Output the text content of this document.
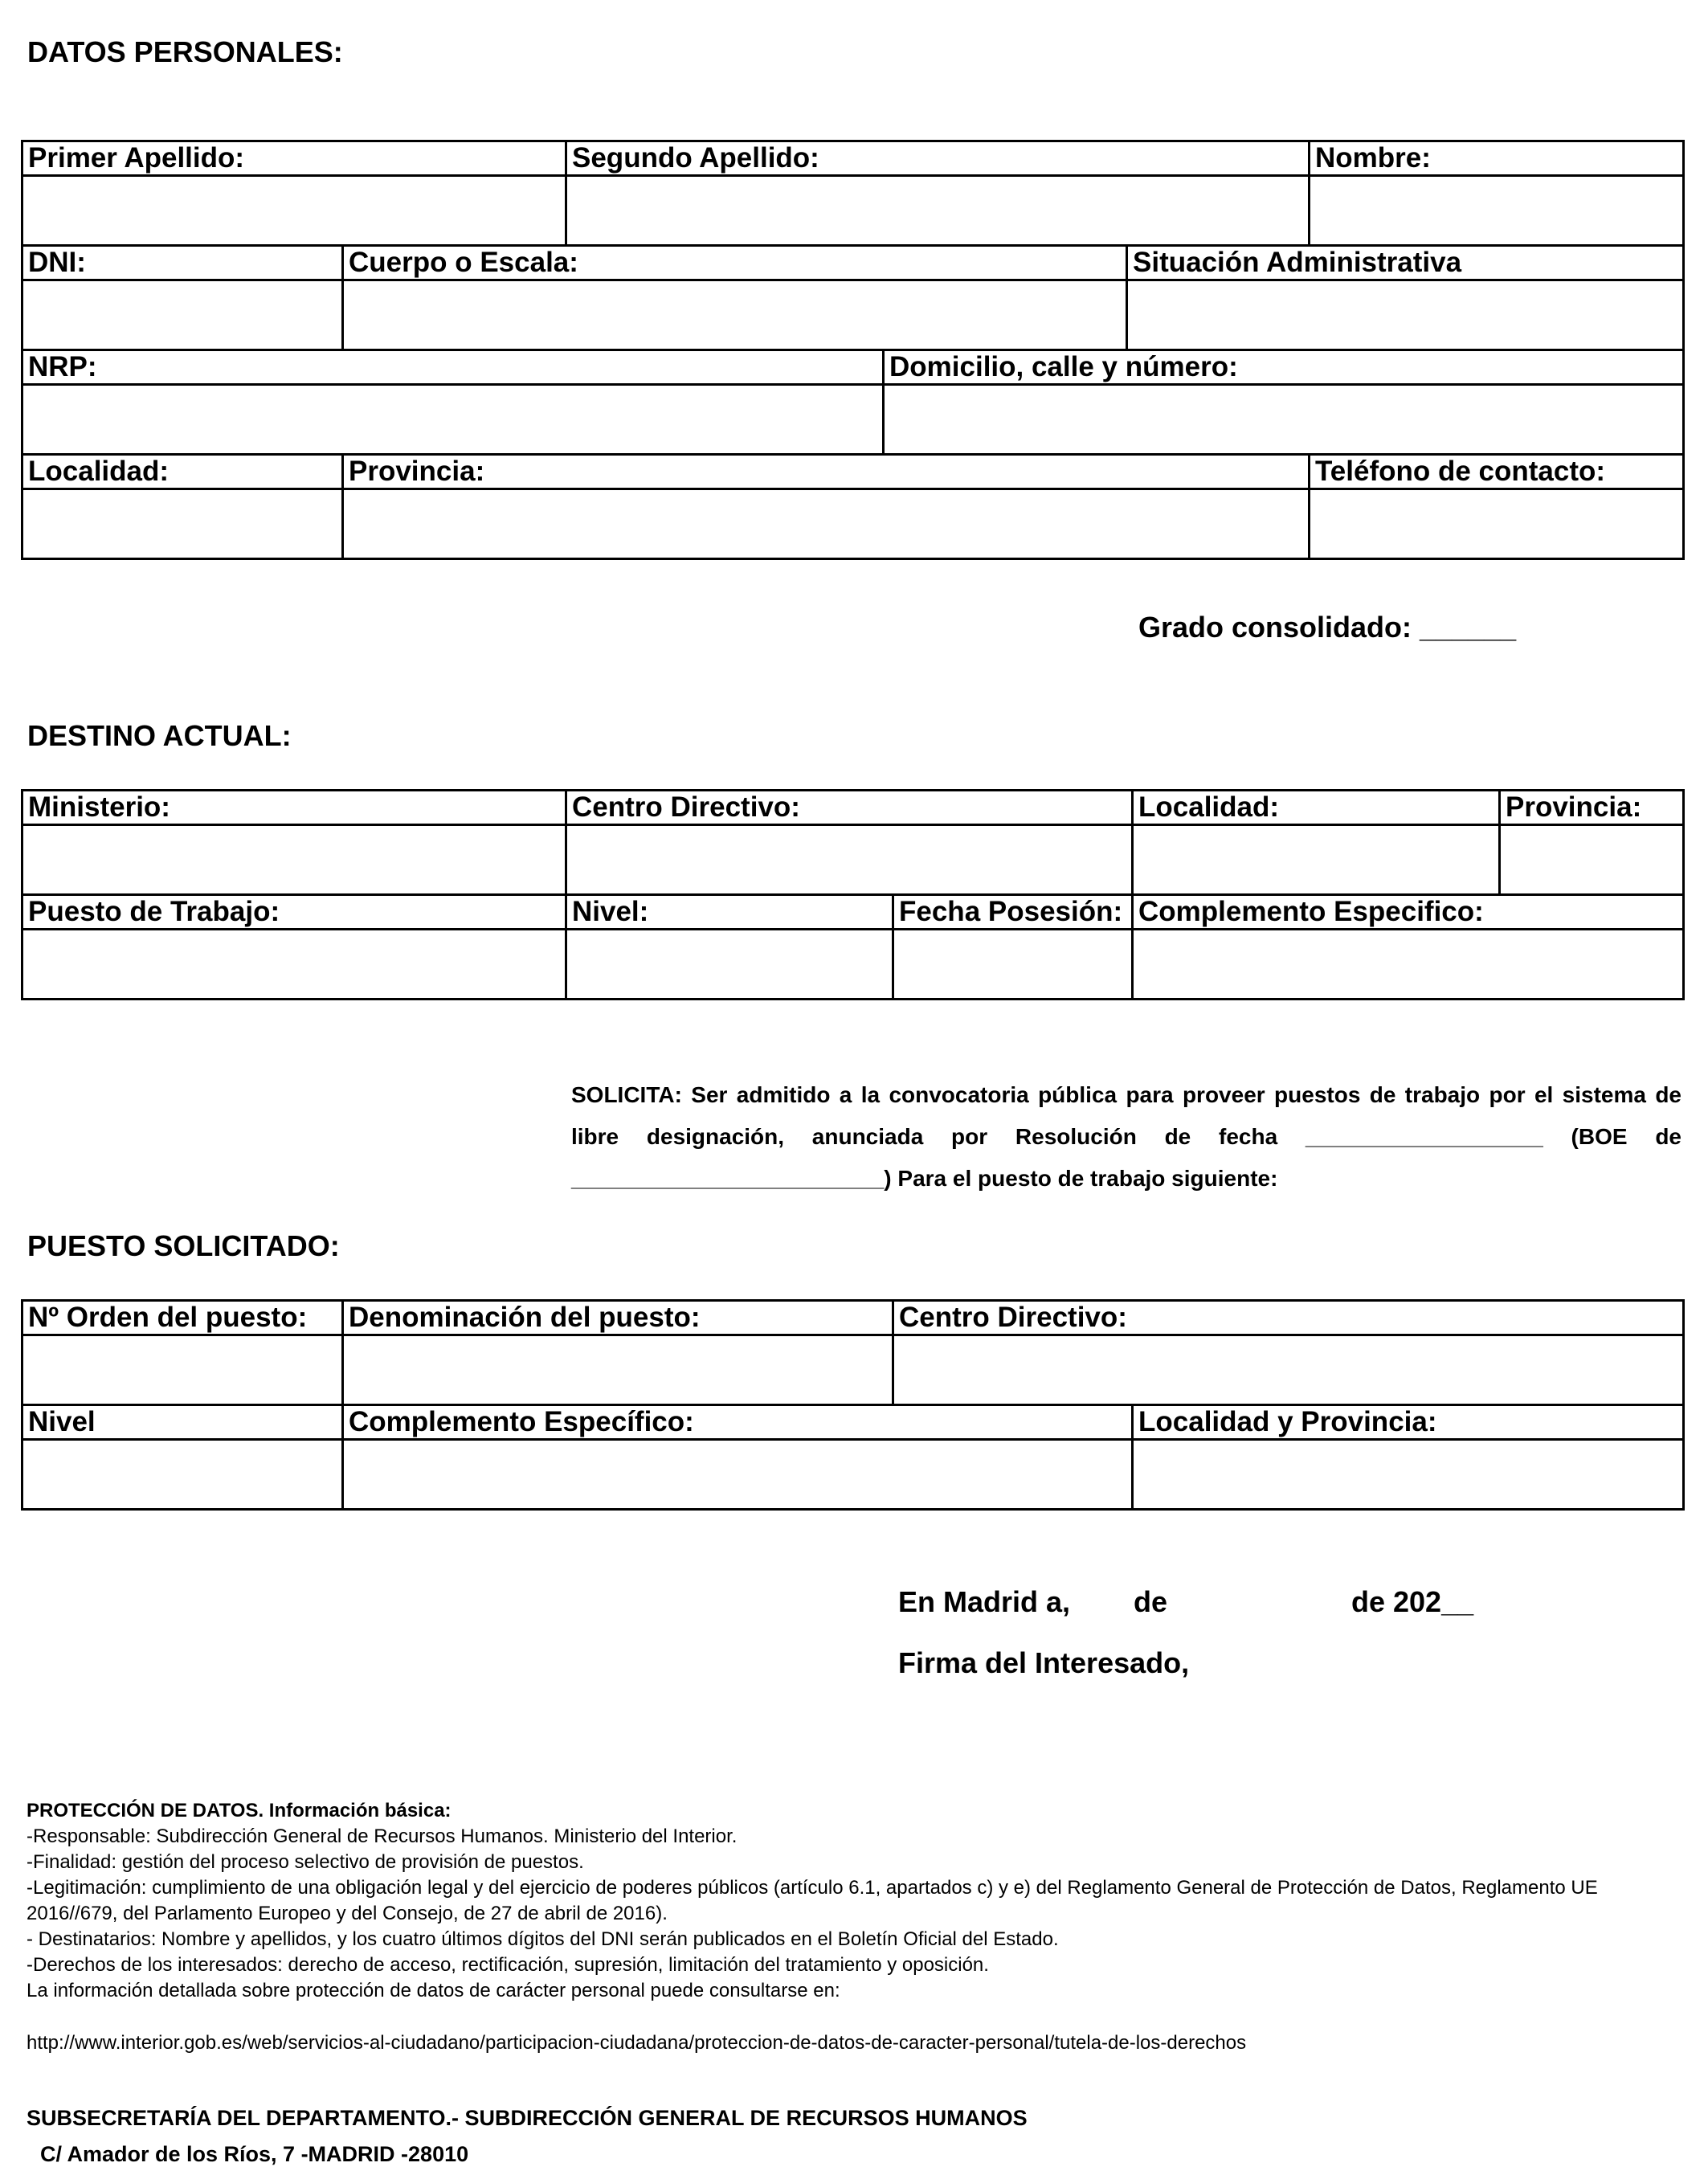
DATOS PERSONALES:
Primer Apellido:		Segundo Apellido:			Nombre:

DNI:	Cuerpo o Escala:			Situación Administrativa	

NRP:			Domicilio, calle y número:		

Localidad:	Provincia:				Teléfono de contacto:

Grado consolidado: ______
DESTINO ACTUAL:
Ministerio:	Centro Directivo:		Localidad:	Provincia:

Puesto de Trabajo:	Nivel:	Fecha Posesión:	Complemento Especifico:	

SOLICITA: Ser admitido a la convocatoria pública para proveer puestos de trabajo por el sistema de
libre designación, anunciada por Resolución de fecha ___________________ (BOE de
_________________________) Para el puesto de trabajo siguiente:
PUESTO SOLICITADO:
Nº Orden del puesto:	Denominación del puesto:	Centro Directivo:	

Nivel	Complemento Específico:		Localidad y Provincia:

En Madrid a, de	de 202__
Firma del Interesado,
PROTECCIÓN DE DATOS. Información básica:
-Responsable: Subdirección General de Recursos Humanos. Ministerio del Interior.
-Finalidad: gestión del proceso selectivo de provisión de puestos.
-Legitimación: cumplimiento de una obligación legal y del ejercicio de poderes públicos (artículo 6.1, apartados c) y e) del Reglamento General de Protección de Datos, Reglamento UE 2016//679, del Parlamento Europeo y del Consejo, de 27 de abril de 2016).
- Destinatarios: Nombre y apellidos, y los cuatro últimos dígitos del DNI serán publicados en el Boletín Oficial del Estado.
-Derechos de los interesados: derecho de acceso, rectificación, supresión, limitación del tratamiento y oposición.
La información detallada sobre protección de datos de carácter personal puede consultarse en:
http://www.interior.gob.es/web/servicios-al-ciudadano/participacion-ciudadana/proteccion-de-datos-de-caracter-personal/tutela-de-los-derechos
SUBSECRETARÍA DEL DEPARTAMENTO.- SUBDIRECCIÓN GENERAL DE RECURSOS HUMANOS
C/ Amador de los Ríos, 7 -MADRID -28010
